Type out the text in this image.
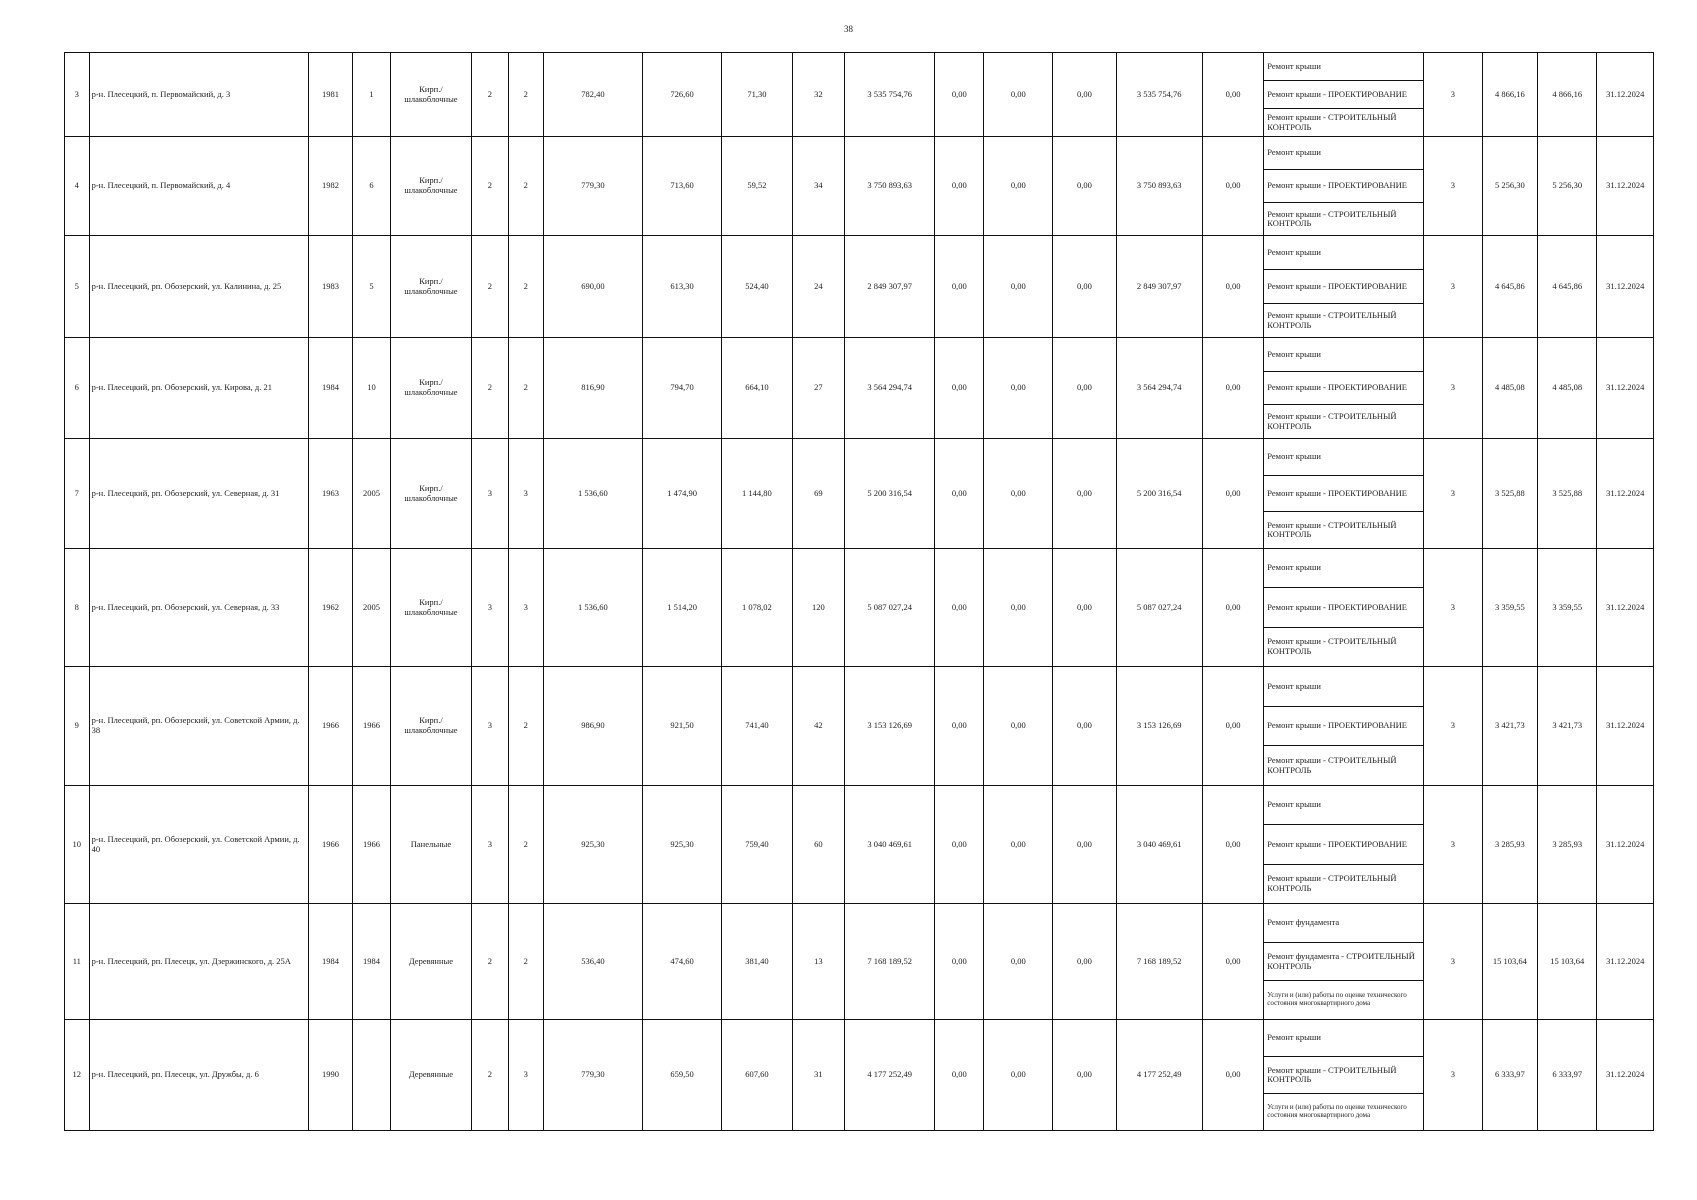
38
3	р-н. Плесецкий, п. Первомайский, д. 3	1981	1	Кирп./ шлакоблочные	2	2	782,40	726,60	71,30	32	3 535 754,76	0,00	0,00	0,00	3 535 754,76	0,00	Ремонт крыши
Ремонт крыши - ПРОЕКТИРОВАНИЕ
Ремонт крыши - СТРОИТЕЛЬНЫЙ КОНТРОЛЬ	3	4 866,16	4 866,16	31.12.2024
4	р-н. Плесецкий, п. Первомайский, д. 4	1982	6	Кирп./ шлакоблочные	2	2	779,30	713,60	59,52	34	3 750 893,63	0,00	0,00	0,00	3 750 893,63	0,00	Ремонт крыши
Ремонт крыши - ПРОЕКТИРОВАНИЕ
Ремонт крыши - СТРОИТЕЛЬНЫЙ КОНТРОЛЬ	3	5 256,30	5 256,30	31.12.2024
5	р-н. Плесецкий, рп. Обозерский, ул. Калинина, д. 25	1983	5	Кирп./ шлакоблочные	2	2	690,00	613,30	524,40	24	2 849 307,97	0,00	0,00	0,00	2 849 307,97	0,00	Ремонт крыши
Ремонт крыши - ПРОЕКТИРОВАНИЕ
Ремонт крыши - СТРОИТЕЛЬНЫЙ КОНТРОЛЬ	3	4 645,86	4 645,86	31.12.2024
6	р-н. Плесецкий, рп. Обозерский, ул. Кирова, д. 21	1984	10	Кирп./ шлакоблочные	2	2	816,90	794,70	664,10	27	3 564 294,74	0,00	0,00	0,00	3 564 294,74	0,00	Ремонт крыши
Ремонт крыши - ПРОЕКТИРОВАНИЕ
Ремонт крыши - СТРОИТЕЛЬНЫЙ КОНТРОЛЬ	3	4 485,08	4 485,08	31.12.2024
7	р-н. Плесецкий, рп. Обозерский, ул. Северная, д. 31	1963	2005	Кирп./ шлакоблочные	3	3	1 536,60	1 474,90	1 144,80	69	5 200 316,54	0,00	0,00	0,00	5 200 316,54	0,00	Ремонт крыши
Ремонт крыши - ПРОЕКТИРОВАНИЕ
Ремонт крыши - СТРОИТЕЛЬНЫЙ КОНТРОЛЬ	3	3 525,88	3 525,88	31.12.2024
8	р-н. Плесецкий, рп. Обозерский, ул. Северная, д. 33	1962	2005	Кирп./ шлакоблочные	3	3	1 536,60	1 514,20	1 078,02	120	5 087 027,24	0,00	0,00	0,00	5 087 027,24	0,00	Ремонт крыши
Ремонт крыши - ПРОЕКТИРОВАНИЕ
Ремонт крыши - СТРОИТЕЛЬНЫЙ КОНТРОЛЬ	3	3 359,55	3 359,55	31.12.2024
9	р-н. Плесецкий, рп. Обозерский, ул. Советской Армии, д. 38	1966	1966	Кирп./ шлакоблочные	3	2	986,90	921,50	741,40	42	3 153 126,69	0,00	0,00	0,00	3 153 126,69	0,00	Ремонт крыши
Ремонт крыши - ПРОЕКТИРОВАНИЕ
Ремонт крыши - СТРОИТЕЛЬНЫЙ КОНТРОЛЬ	3	3 421,73	3 421,73	31.12.2024
10	р-н. Плесецкий, рп. Обозерский, ул. Советской Армии, д. 40	1966	1966	Панельные	3	2	925,30	925,30	759,40	60	3 040 469,61	0,00	0,00	0,00	3 040 469,61	0,00	Ремонт крыши
Ремонт крыши - ПРОЕКТИРОВАНИЕ
Ремонт крыши - СТРОИТЕЛЬНЫЙ КОНТРОЛЬ	3	3 285,93	3 285,93	31.12.2024
11	р-н. Плесецкий, рп. Плесецк, ул. Дзержинского, д. 25А	1984	1984	Деревянные	2	2	536,40	474,60	381,40	13	7 168 189,52	0,00	0,00	0,00	7 168 189,52	0,00	Ремонт фундамента
Ремонт фундамента - СТРОИТЕЛЬНЫЙ КОНТРОЛЬ
Услуги и (или) работы по оценке технического состояния многоквартирного дома	3	15 103,64	15 103,64	31.12.2024
12	р-н. Плесецкий, рп. Плесецк, ул. Дружбы, д. 6	1990		Деревянные	2	3	779,30	659,50	607,60	31	4 177 252,49	0,00	0,00	0,00	4 177 252,49	0,00	Ремонт крыши
Ремонт крыши - СТРОИТЕЛЬНЫЙ КОНТРОЛЬ
Услуги и (или) работы по оценке технического состояния многоквартирного дома	3	6 333,97	6 333,97	31.12.2024
